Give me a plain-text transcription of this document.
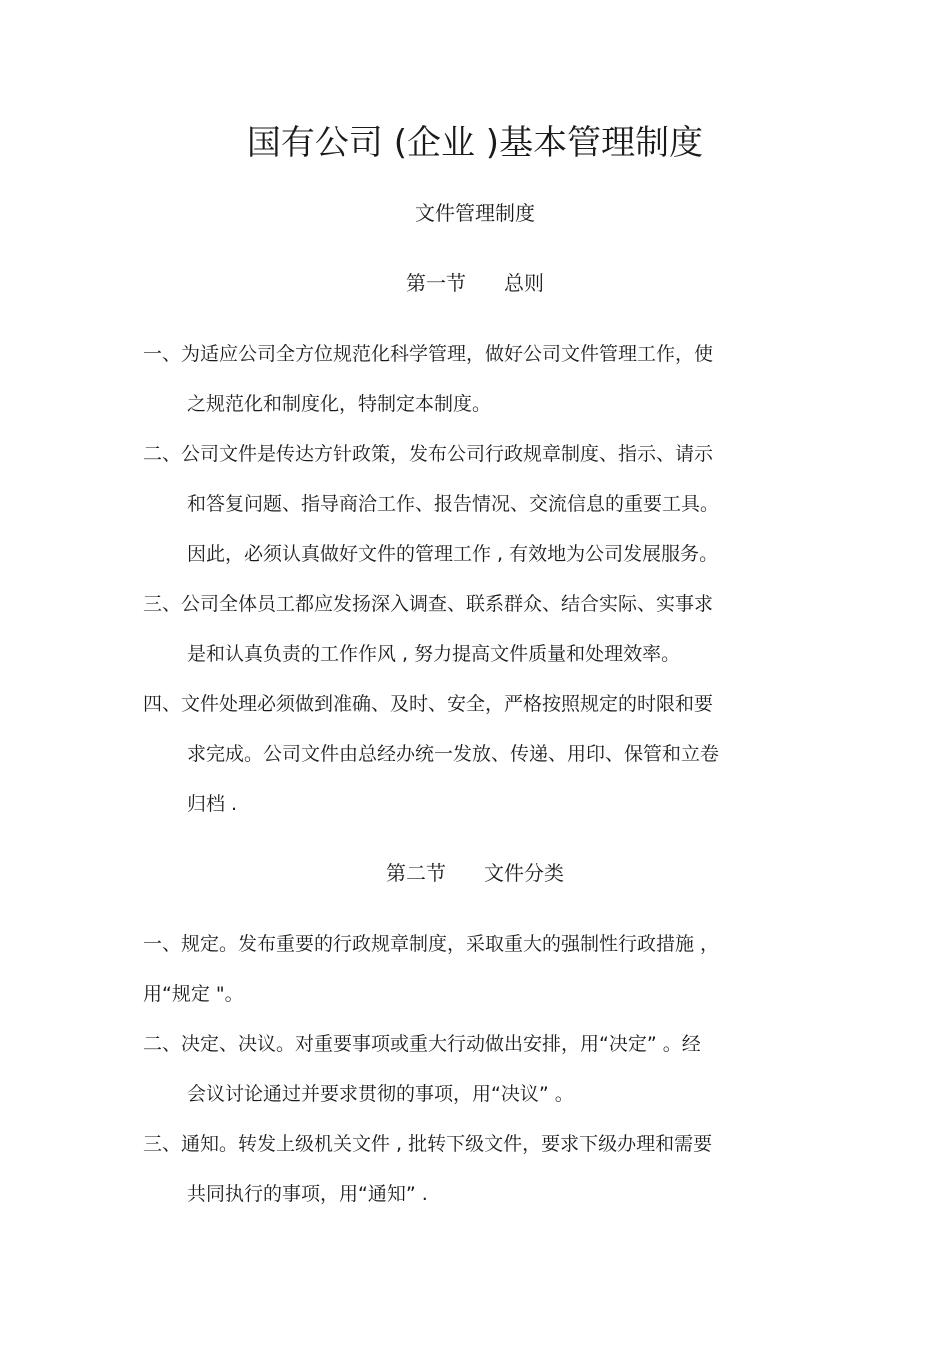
国有公司 (企业 )基本管理制度
文件管理制度
第一节 总则
一、为适应公司全方位规范化科学管理，做好公司文件管理工作，使
之规范化和制度化，特制定本制度。
二、公司文件是传达方针政策，发布公司行政规章制度、指示、请示
和答复问题、指导商洽工作、报告情况、交流信息的重要工具。
因此，必须认真做好文件的管理工作 , 有效地为公司发展服务。
三、公司全体员工都应发扬深入调查、联系群众、结合实际、实事求
是和认真负责的工作作风 , 努力提高文件质量和处理效率。
四、文件处理必须做到准确、及时、安全，严格按照规定的时限和要
求完成。公司文件由总经办统一发放、传递、用印、保管和立卷
归档 .
第二节 文件分类
一、规定。发布重要的行政规章制度，采取重大的强制性行政措施 ，
用“规定 "。
二、决定、决议。对重要事项或重大行动做出安排，用“决定” 。经
会议讨论通过并要求贯彻的事项，用“决议” 。
三、通知。转发上级机关文件 , 批转下级文件，要求下级办理和需要
共同执行的事项，用“通知” .
